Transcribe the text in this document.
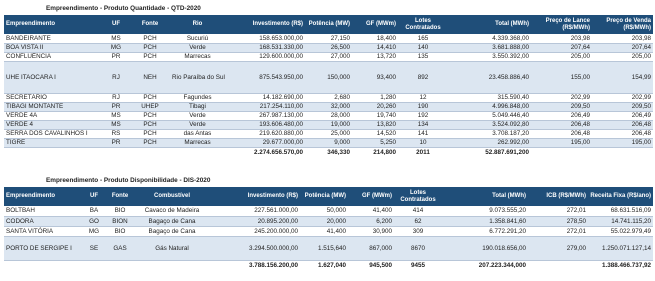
Empreendimento - Produto Quantidade - QTD-2020
Empreendimento	UF	Fonte	Rio	Investimento (R$)	Potência (MW)	GF (MWm)	Lotes Contratados	Total (MWh)	Preço de Lance (R$/MWh)	Preço de Venda (R$/MWh)
BANDEIRANTE	MS	PCH	Sucuriú	158.653.000,00	27,150	18,400	165	4.339.368,00	203,98	203,98
BOA VISTA II	MG	PCH	Verde	168.531.330,00	26,500	14,410	140	3.681.888,00	207,64	207,64
CONFLUÊNCIA	PR	PCH	Marrecas	129.600.000,00	27,000	13,720	135	3.550.392,00	205,00	205,00
UHE ITAOCARA I	RJ	NEH	Rio Paraíba do Sul	875.543.950,00	150,000	93,400	892	23.458.886,40	155,00	154,99
SECRETÁRIO	RJ	PCH	Fagundes	14.182.690,00	2,680	1,280	12	315.590,40	202,99	202,99
TIBAGI MONTANTE	PR	UHEP	Tibagi	217.254.110,00	32,000	20,260	190	4.996.848,00	209,50	209,50
VERDE 4A	MS	PCH	Verde	267.987.130,00	28,000	19,740	192	5.049.446,40	206,49	206,49
VERDE 4	MS	PCH	Verde	193.606.480,00	19,000	13,820	134	3.524.092,80	206,48	206,48
SERRA DOS CAVALINHOS I	RS	PCH	das Antas	219.620.880,00	25,000	14,520	141	3.708.187,20	206,48	206,48
TIGRE	PR	PCH	Marrecas	29.677.000,00	9,000	5,250	10	262.992,00	195,00	195,00
				2.274.656.570,00	346,330	214,800	2011	52.887.691,200		
Empreendimento - Produto Disponibilidade - DIS-2020
Empreendimento	UF	Fonte	Combustível	Investimento (R$)	Potência (MW)	GF (MWm)	Lotes Contratados	Total (MWh)	ICB (R$/MWh)	Receita Fixa (R$/ano)
BOLTBAH	BA	BIO	Cavaco de Madeira	227.561.000,00	50,000	41,400	414	9.073.555,20	272,01	68.631.516,09
CODORA	GO	BION	Bagaço de Cana	20.895.200,00	20,000	6,200	62	1.358.841,60	278,50	14.741.115,20
SANTA VITÓRIA	MG	BIO	Bagaço de Cana	245.200.000,00	41,400	30,900	309	6.772.291,20	272,01	55.022.979,49
PORTO DE SERGIPE I	SE	GAS	Gás Natural	3.294.500.000,00	1.515,640	867,000	8670	190.018.656,00	279,00	1.250.071.127,14
				3.788.156.200,00	1.627,040	945,500	9455	207.223.344,000		1.388.466.737,92
